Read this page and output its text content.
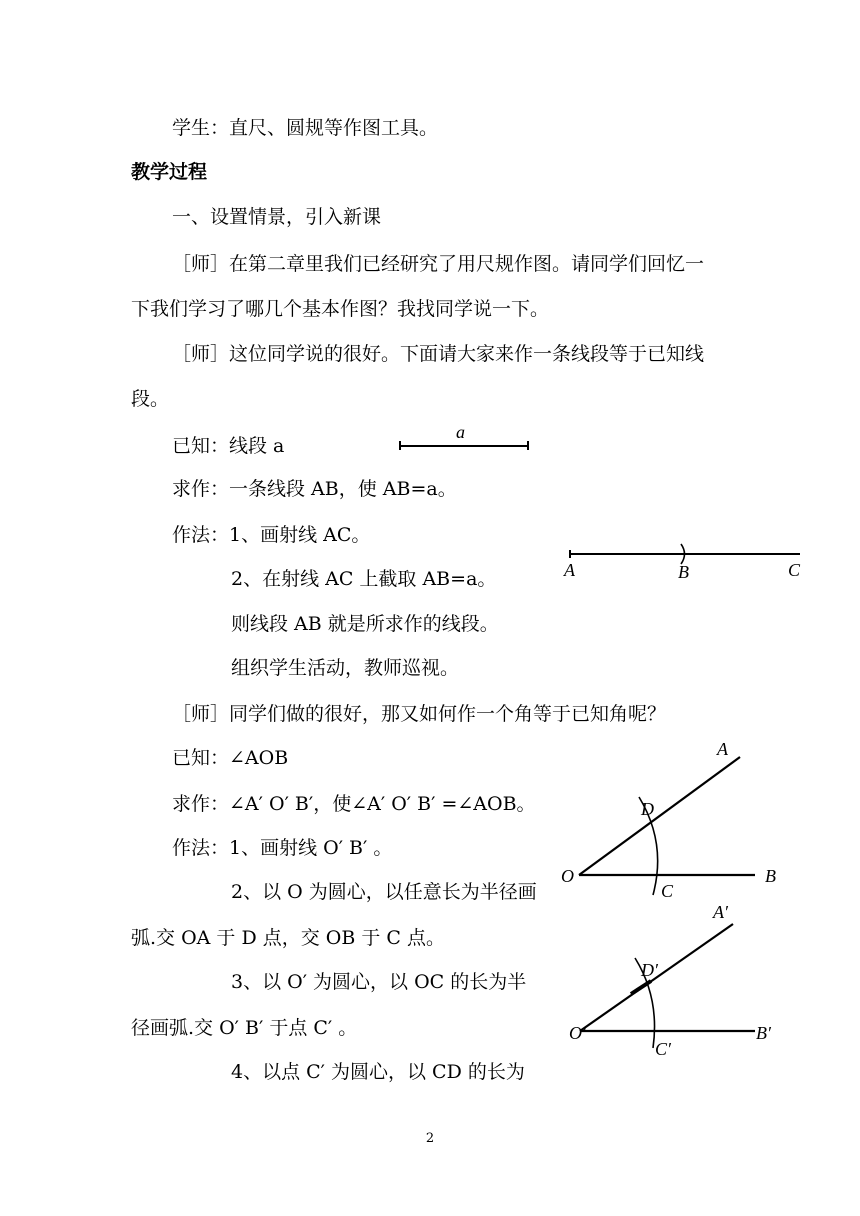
学生：直尺、圆规等作图工具。
教学过程
一、设置情景，引入新课
［师］在第二章里我们已经研究了用尺规作图。请同学们回忆一
下我们学习了哪几个基本作图？我找同学说一下。
［师］这位同学说的很好。下面请大家来作一条线段等于已知线
段。
已知：线段 a
求作：一条线段 AB，使 AB=a。
作法：1、画射线 AC。
2、在射线 AC 上截取 AB=a。
则线段 AB 就是所求作的线段。
组织学生活动，教师巡视。
［师］同学们做的很好，那又如何作一个角等于已知角呢？
已知：∠AOB
求作：∠A′ O′ B′，使∠A′ O′ B′ =∠AOB。
作法：1、画射线 O′ B′ 。
2、以 O 为圆心，以任意长为半径画
弧.交 OA 于 D 点，交 OB 于 C 点。
3、以 O′ 为圆心，以 OC 的长为半
径画弧.交 O′ B′ 于点 C′ 。
4、以点 C′ 为圆心，以 CD 的长为
a
A	B	C
A
D
O
C
B
A′
D′
O′
C′
B′
2
